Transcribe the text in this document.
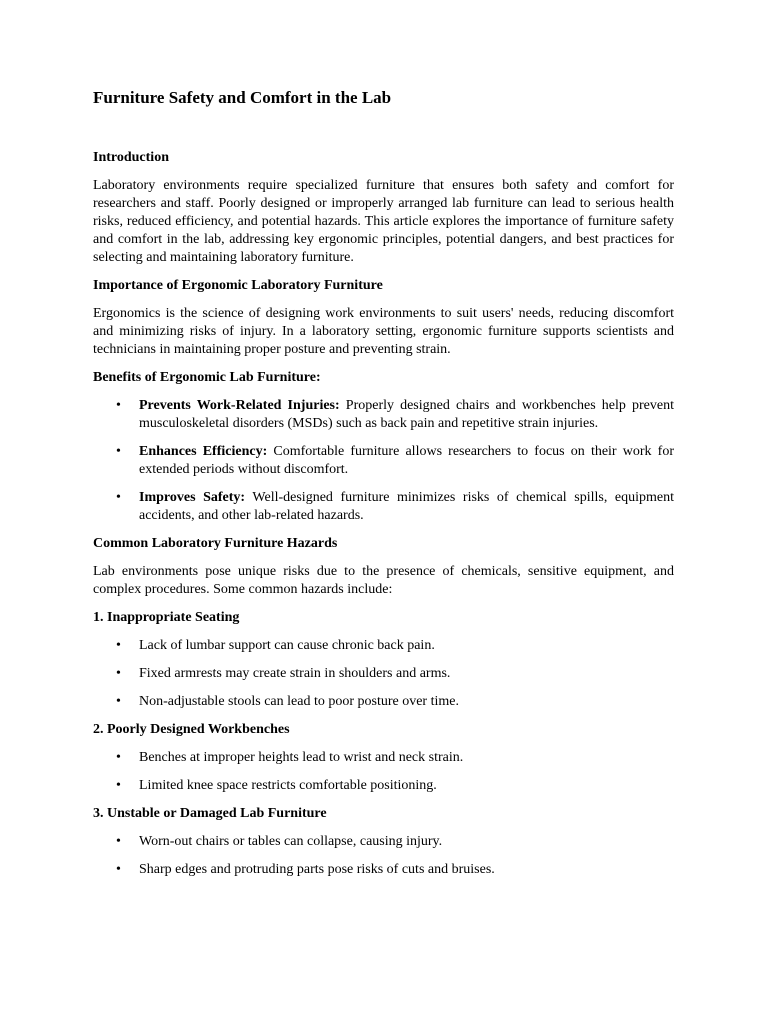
Furniture Safety and Comfort in the Lab
Introduction

Laboratory environments require specialized furniture that ensures both safety and comfort for researchers and staff. Poorly designed or improperly arranged lab furniture can lead to serious health risks, reduced efficiency, and potential hazards. This article explores the importance of furniture safety and comfort in the lab, addressing key ergonomic principles, potential dangers, and best practices for selecting and maintaining laboratory furniture.

Importance of Ergonomic Laboratory Furniture

Ergonomics is the science of designing work environments to suit users' needs, reducing discomfort and minimizing risks of injury. In a laboratory setting, ergonomic furniture supports scientists and technicians in maintaining proper posture and preventing strain.

Benefits of Ergonomic Lab Furniture:
• Prevents Work-Related Injuries: Properly designed chairs and workbenches help prevent musculoskeletal disorders (MSDs) such as back pain and repetitive strain injuries.
• Enhances Efficiency: Comfortable furniture allows researchers to focus on their work for extended periods without discomfort.
• Improves Safety: Well-designed furniture minimizes risks of chemical spills, equipment accidents, and other lab-related hazards.
Common Laboratory Furniture Hazards

Lab environments pose unique risks due to the presence of chemicals, sensitive equipment, and complex procedures. Some common hazards include:

1. Inappropriate Seating
• Lack of lumbar support can cause chronic back pain.
• Fixed armrests may create strain in shoulders and arms.
• Non-adjustable stools can lead to poor posture over time.
2. Poorly Designed Workbenches
• Benches at improper heights lead to wrist and neck strain.
• Limited knee space restricts comfortable positioning.
3. Unstable or Damaged Lab Furniture
• Worn-out chairs or tables can collapse, causing injury.
• Sharp edges and protruding parts pose risks of cuts and bruises.
